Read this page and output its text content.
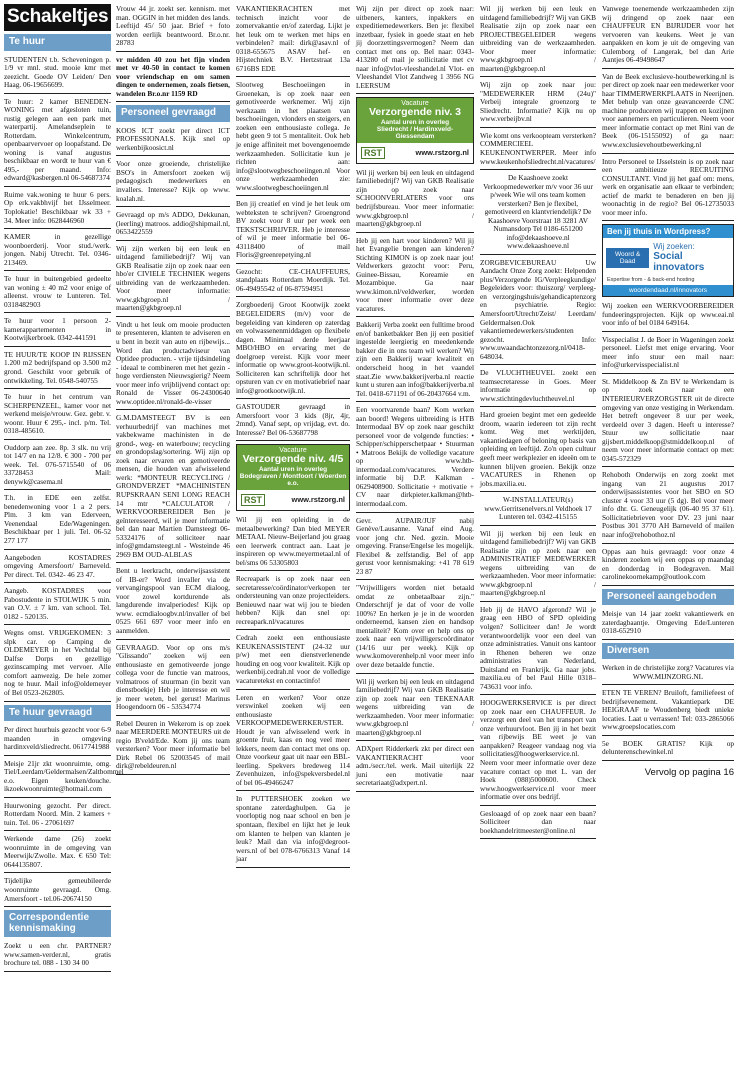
Schakeltjes
Te huur
STUDENTEN t.b. Scheveningen p. 1/9 vr mnl. stud. mooie kmr met zeezicht. Goede OV Leiden/ Den Haag. 06-19656699.
Te huur: 2 kamer BENEDEN-WONING met afgesloten tuin, rustig gelegen aan een park met waterpartij. Amelandseplein te Rotterdam. Winkelcentrum, openbaarvervoer op loopafstand. De woning is vanaf augustus beschikbaar en wordt te huur van € 495,- per maand. Info: edward@kasbergen.nl 06-54687374
Ruime vak.woning te huur 6 pers. Op erk.vakbhvijf het IJsselmeer. Toplokatie! Beschikbaar wk 33 + 34. Meer info: 0628446960
KAMER in gezellige woonboerderij. Voor stud./werk. jongen. Nabij Utrecht. Tel. 0346-213469.
Te huur in buitengebied gedeelte van woning ± 40 m2 voor enige of alleenst. vrouw te Lunteren. Tel. 0318482903
Te huur voor 1 persoon 2-kamerappartementen in Kootwijkerbroek. 0342-441591
TE HUUR/TE KOOP IN RIJSSEN 1.200 m2 bedrijfspand op 3.500 m2 grond. Geschikt voor gebruik of ontwikkeling. Tel. 0548-540755
Te huur in het centrum van SCHERPENZEEL, kamer voor net werkend meisje/vrouw. Gez. gebr. v. woonr. Huur € 295,- incl. p/m. Tel. 0318-485610.
Ouddorp aan zee. 8p. 3 slk. nu vrij tot 14/7 en na 12/8. € 300 - 700 per week. Tel. 076-5715540 of 06 33728453 Mail: denywk@casema.nl
T.h. in EDE een zelfst. benedenwoning voor 1 a 2 pers. Plm. 3 km van Ederveen, Veenendaal Ede/Wageningen. Beschikbaar per 1 juli. Tel. 06-52 277 177
Aangeboden KOSTADRES omgeving Amersfoort/ Barneveld. Per direct. Tel. 0342- 46 23 47.
Aangeb. KOSTADRES voor Pabostudente in STOLWIJK 5 min. van O.V. ± 7 km. van school. Tel. 0182 - 520135.
Wegns omst. VRIJGEKOMEN: 3 slpk car. op Camping de OLDEMEYER in het Vechtdal bij Dalfse Dorps en gezellige gezinscamping met vervoer. Alle comfort aanwezig. De hele zomer nog te huur. Mail info@oldemeyer of Bel 0523-262805.
Te huur gevraagd
Per direct huurhuis gezocht voor 6-9 maanden in omgeving hardinxveld/sliedrecht. 0617741988
Meisje 21jr zkt woonruimte, omg. Tiel/Leerdam/Geldermalsen/Zaltbommel e.o. Eigen keuken/douche. ikzoekwoonruimte@hotmail.com
Huurwoning gezocht. Per direct. Rotterdam Noord. Min. 2 kamers + tuin. Tel. 06 - 27061697
Werkende dame (26) zoekt woonruimte in de omgeving van Meerwijk/Zwolle. Max. € 650 Tel: 0644135807.
Tijdelijke gemeubileerde woonruimte gevraagd. Omg. Amersfoort - tel.06-20674150
Correspondentie kennismaking
Zoekt u een chr. PARTNER? www.samen-verder.nl, gratis brochure tel. 088 - 130 34 00
Vrouw 44 jr. zoekt ser. kennism. met man. OGGIN in het midden des lands. Leeftijd 45/ 50 jaar. Brief + foto worden eerlijk beantwoord. Br.o.nr. 28783
vr midden 40 zou het fijn vinden met vr 40-50 in contact te komen voor vriendschap en om samen dingen te ondernemen, zoals fietsen, wandelen Br.o.nr 1159 RD
Personeel gevraagd
KOOS ICT zoekt per direct ICT PROFESSIONALS. Kijk snel op werkenbijkoosict.nl
Voor onze groeiende, christelijke BSO's in Amersfoort zoeken wij pedagogisch medewerkers en invallers. Interesse? Kijk op www. koalah.nl.
Gevraagd op m/s ADDO, Dekkunan, (leerling) matroos. addio@shipmail.nl, 0653422559
Wij zijn werken bij een leuk en uitdagend familiebedrijf? Wij van GKB Realisatie zijn op zoek naar een hbo'er CIVIELE TECHNIEK wegens uitbreiding van de werkzaamheden. Voor meer informatie: www.gkbgroep.nl / maarten@gkbgroep.nl
Vindt u het leuk om mooie producten te presenteren, klanten te adviseren en u bent in bezit van auto en rijbewijs... Word dan productadviseur van Optidee producten. - vrije tijdsindeling - ideaal te combineren met het gezin - hoge verdiensten Nieuwsgierig? Neem voor meer info vrijblijvend contact op: Ronald de Visser 06-24300640 www.optidee.nl/ronald-de-visser
G.M.DAMSTEEGT BV is een verhuurbedrijf van machines met vakbekwame machinisten in de grond-, weg- en waterbouw; recycling en grondopslag/sortering. Wij zijn op zoek naar ervaren en gemotiveerde mensen, die houden van afwisselend werk: *MONTEUR RECYCLING / GRONDVERZET *MACHINISTEN RUPSKRAAN SENI LONG REACH 14 mtr *CALCULATOR / WERKVOORBEREIDER Ben je geïnteresseerd, wil je meer informatie bel dan naar Martien Damsteegt 06-53324176 of solliciteer naar info@gmdamsteegt.nl - Westeinde 46 2969 BM OUD-ALBLAS
Bent u leerkracht, onderwijsassistent of IB-er? Word invaller via de vervangingspool van ECM dialoog, voor zowel kortdurende als langdurende invalperiodes! Kijk op www. ecmdialoogbv.nl/invaller of bel 0525 661 697 voor meer info en aanmelden.
GEVRAAGD. Voor op ons m/s "Glissando" zoeken wij een enthousiaste en gemotiveerde jonge collega voor de functie van matroos, volmatroos of stuurman (in bezit van dienstboekje) Heb je interesse en wil je meer weten, bel gerust! Marinus Hoogendoorn 06 - 53534774
Rebel Deuren in Wekerom is op zoek naar MEERDERE MONTEURS uit de regio B'veld/Ede. Kom jij ons team versterken? Voor meer informatie bel Dirk Rebel 06 52003545 of mail dirk@rebeldeuren.nl
VAKANTIEKRACHTEN met technisch inzicht voor de zomervakantie en/of zaterdag. Lijkt je het leuk om te werken met hips en verbindelen? mail: dirk@asav.nl of 0318-655675 ASAV hef- en Hijstechniek B.V. Hertzstraat 13a 6716BS EDE
Slootweg Beschoeiingen in Groenekan, is op zoek naar een gemotiveerde werknemer. Wij zijn werkzaam in het plaatsen van beschoeiingen, vlonders en steigers, en zoeken een enthousiaste collega. Je hebt geen 9 tot 5 mentaliteit. Ook heb je enige affiniteit met bovengenoemde werkzaamheden. Sollicitatie kun je richten aan: info@slootwegbeschoeiingen.nl Voor onze werkzaamheden zie: www.slootwegbeschoeiingen.nl
Ben jij creatief en vind je het leuk om webteksten te schrijven? Groengrond BV zoekt voor 8 uur per week een TEKSTSCHRIJVER. Heb je interesse of wil je meer informatie bel 06-43118400 of mail Floris@greenrepetying.nl
Gezocht: CE-CHAUFFEURS, standplaats Rotterdam Moerdijk. Tel. 06-49495542 of 06-87594951
Zorgboederij Groot Kootwijk zoekt BEGELEIDERS (m/v) voor de begeleiding van kinderen op zaterdag en volwassenenmiddagen op flexibele dagen. Minimaal derde leerjaar MBO/HBO en ervaring met de doelgroep vereist. Kijk voor meer informatie op www.groot-kootwijk.nl. Solliciteren kan schriftelijk door het opsturen van cv en motivatiebrief naar info@grootkootwijk.nl.
GASTOUDER gevraagd in Amersfoort voor 3 kids (8jr, 4jr, 2mnd). Vanaf sept, op vrijdag, evt. do. Interesse? Bel 06-53687798
Vacature
Verzorgende niv. 4/5
Aantal uren in overleg
Bodegraven / Montfoort / Woerden e.o.
RST	www.rstzorg.nl
Wil jij een opleiding in de metaalbewerking? Dan bied MEYER METAAL Nieuw-Beijerland jou graag een leerwerk contract aan. Laat je inspireren op www.meyermetaal.nl of bel/sms 06 53305803
Recreapark is op zoek naar een secretaresse/coördinator/verkopen ter ondersteuning van onze projectleiders. Benieuwd naar wat wij jou te bieden hebben? Kijk dan snel op: recreapark.nl/vacatures
Cedrah zoekt een enthousiaste KEUKENASSISTENT (24-32 uur p/w) met een dienstverlenende houding en oog voor kwaliteit. Kijk op werkenbij.cedrah.nl voor de volledige vacaturetekst en contactinfo!
Leren en werken? Voor onze verswinkel zoeken wij een enthousiaste VERKOOPMEDEWERKER/STER. Houdt je van afwisselend werk in groente fruit, kaas en nog veel meer lekkers, neem dan contact met ons op. Onze voorkeur gaat uit naar een BBL-leerling. Spekvers bredeweg 114 Zevenhuizen, info@spekversbedel.nl of bel 06-49466247
In PUTTERSHOEK zoeken we spontane zaterdaghulpen. Ga je voorloptig nog naar school en ben je spontaan, flexibel en lijkt het je leuk om klanten te helpen van klanten je leuk? Mail dan via info@degroot-wers.nl of bel 078-6766313 Vanaf 14 jaar
Wij zijn per direct op zoek naar: uitbeners, kanters, inpakkers en expeditiemedewerkers. Ben je: flexibel inzetbaar, fysiek in goede staat en heb jij doorzettingsvermogen? Neem dan contact met ons op. Bel naar: 0343-413280 of mail je sollicitatie met cv naar info@vlot-vleeshandel.nl Vlot- en Vleeshandel Vlot Zandweg 1 3956 NG LEERSUM
Vacature
Verzorgende niv. 3
Aantal uren in overleg
Sliedrecht / Hardinxveld-Giessendam
RST	www.rstzorg.nl
Wil jij werken bij een leuk en uitdagend familiebedrijf? Wij van GKB Realisatie zijn op zoek naar SCHOONVERLATERS voor ons bedrijfsbureau. Voor meer informatie: www.gkbgroep.nl / maarten@gkbgroep.nl
Heb jij een hart voor kinderen? Wil jij het Evangelie brengen aan kinderen? Stichting KIMON is op zoek naar jou! Veldwerkers gezocht voor: Peru, Guinee-Bissau, Koreamie en Mozambique. Ga naar www.kimon.nl/veldwerker, worden voor meer informatie over deze vacatures.
Bakkerij Verba zoekt een fulltime brood en/of banketbakker Ben jij een positief ingestelde leergierig en meedenkende bakker die in ons team wil werken? Wij zijn een Bakkerij waar kwaliteit en onderscheid hoog in het vaandel staat.Zie www.bakkerijverba.nl reactie kunt u sturen aan info@bakkerijverba.nl Tel. 0418-671191 of 06-20437664 v.m.
Een voortvarende baan? Kom werken aan boord! Wegens uitbreiding is HTB Intermodaal BV op zoek naar geschikt personeel voor de volgende functies: • Schipper/schipperschetpaar • Stuurman • Matroos Bekijk de volledige vacature op www.htb-intermodaal.com/vacatures. Verdere informatie bij D.P. Kalkman - 0629408900. Sollicitatie + motivatie + CV naar dirkpieter.kalkman@htb-intermodaal.com.
Gevr. AUPAIR/JUF nabij Genève/Lausanne. Vanaf eind Aug. voor jong chr. Ned. gezin. Mooie omgeving. Franse/Engelse les mogelijk. Flexibel & zelfstandig. Bel of app gerust voor kennismaking: +41 78 619 23 87
"Vrijwilligers worden niet betaald omdat ze onbetaalbaar zijn." Onderschrijf je dat of voor de volle 100%? En herken je je in de woorden onderneemd, kansen zien en handsop mentaliteit? Kom over en help ons op zoek naar een vrijwilligerscoördinator (14/16 uur per week). Kijk op www.komoverenhelp.nl voor meer info over deze betaalde functie.
Wil jij werken bij een leuk en uitdagend familiebedrijf? Wij van GKB Realisatie zijn op zoek naar een TEKENAAR wegens uitbreiding van de werkzaamheden. Voor meer informatie: www.gkbgroep.nl / maarten@gkbgroep.nl
ADXpert Ridderkerk zkt per direct een VAKANTIEKRACHT voor adm./secr./tel. werk. Mail uiterlijk 22 juni een motivatie naar secretariaat@adxpert.nl.
Wil jij werken bij een leuk en uitdagend familiebedrijf? Wij van GKB Realisatie zijn op zoek naar een PROJECTBEGELEIDER wegens uitbreiding van de werkzaamheden. Voor meer informatie: www.gkbgroep.nl / maarten@gkbgroep.nl
Wij zijn op zoek naar jou: "MEDEWERKER HRM (24u)" Verbeij integrale groenzorg te Sliedrecht. Informatie? Kijk nu op www.verbeijbv.nl
Wie komt ons verkoopteam versterken? COMMERCIEEL KEUKENONTWERPER. Meer info www.keukenhofsliedrecht.nl/vacatures/
De Kaashoeve zoekt Verkoopmedewerker m/v voor 36 uur p/week Wie wil ons team komen versterken? Ben je flexibel, gemotiveerd en klantvriendelijk? De Kaashoeve Voorstraat 18 3281 AV Numansdorp Tel 0186-651200 info@dekaashoeve.nl www.dekaashoeve.nl
ZORGBEVICEBUREAU Uw Aandacht Onze Zorg zoekt: Helpenden plus/Verzorgende IG/Verpleegkundige/ Begeleiders voor: thuiszorg/ verpleeg- en verzorgingshuis/gehandicaptenzorg en psychiatrie. Regio: Amersfoort/Utrecht/Zeist/ Leerdam/ Geldermalsen.Ook vakantiemedewerkers/studenten gezocht. Info: www.uwaandachtonzezorg.nl/0418-648034.
De VLUCHTHEUVEL zoekt een teamsecretaresse in Goes. Meer informatie op www.stichtingdevluchtheuvel.nl
Hard groeien begint met een gedeelde droom, waarin iedereen tot zijn recht komt. Weg met werktijden, vakantiedagen of beloning op basis van opleiding en leeftijd. Zo'n open cultuur geeft meer werkplezier en ideeën om te kunnen blijven groeien. Bekijk onze VACATURES in Rhenen op jobs.maxilia.eu.
W-INSTALLATEUR(s) www.Gerritsenelvers.nl Veldhoek 17 Lunteren tel. 0342-415155
Wil jij werken bij een leuk en uitdagend familiebedrijf? Wij van GKB Realisatie zijn op zoek naar een ADMINISTRATIEF MEDEWERKER wegens uitbreiding van de werkzaamheden. Voor meer informatie: www.gkbgroep.nl / maarten@gkbgroep.nl
Heb jij de HAVO afgerond? Wil je graag een HBO of SPD opleiding volgen? Solliciteer dan! Je wordt verantwoordelijk voor een deel van onze administraties. Vanuit ons kantoor in Rhenen beheren we onze administraties van Nederland, Duitsland en Frankrijk. Ga naar jobs. maxilia.eu of bel Paul Hille 0318–743631 voor info.
HOOGWERKSERVICE is per direct op zoek naar een CHAUFFEUR. Je verzorgt een deel van het transport van onze verhuurvloot. Ben jij in het bezit van rijbewijs BE weet je van aanpakken? Reageer vandaag nog via sollicitaties@hoogwerkservice.nl. Neem voor meer informatie over deze vacature contact op met L. van der Hoek (088)5000600. Check www.hoogwerkservice.nl voor meer informatie over ons bedrijf.
Gesloaagd of op zoek naar een baan? Solliciteer dan naar boekhandelritmeester@online.nl
Vanwege toenemende werkzaamheden zijn wij dringend op zoek naar een CHAUFFEUR EN BIJRIJDER voor het vervoeren van keukens. Weet je van aanpakken en kom je uit de omgeving van Culemborg of Langerak, bel dan Arie Aantjes 06-49498647
Van de Beek exclusieve-houtbewerking.nl is per direct op zoek naar een medewerker voor haar TIMMERWERKPLAATS in Neerijnen. Met behulp van onze geavanceerde CNC machine produceren wij trappen en kozijnen voor aannemers en particulieren. Neem voor meer informatie contact op met Rini van de Beek (06-15155092) of ga naar: www.exclusievehoutbewerking.nl
Intro Personeel te IJsselstein is op zoek naar een ambitieuze RECRUITING CONSULTANT. Vind jij het gaaf om: mens, werk en organisatie aan elkaar te verbinden; actief de markt te benaderen en ben jij woonachtig in de regio? Bel 06-12735033 voor meer info.
Ben jij thuis in Wordpress?
Woord & Daad
Wij zoeken:
Social innovators
Expertise from - & back-end hosting
woordendaad.nl/innovators
Wij zoeken een WERKVOORBEREIDER fundeeringsprojecten. Kijk op www.eai.nl voor info of bel 0184 649164.
Visspecialist J. de Boer in Wageningen zoekt personeel. Liefst met enige ervaring. Voor meer info stuur een mail naar: info@urkervisspecialist.nl
St. Middelkoop & Zn BV te Werkendam is op zoek naar een INTERIEURVERZORGSTER uit de directe omgeving van onze vestiging in Werkendam. Het betreft ongeveer 8 uur per week, verdeeld over 3 dagen. Heeft u interesse? Stuur uw sollicitatie naar gijsbert.middelkoop@stmiddelkoop.nl of neem voor meer informatie contact op met: 0345-572329
Rehoboth Onderwijs en zorg zoekt met ingang van 21 augustus 2017 onderwijsassistentes voor het SBO en SO cluster 4 voor 33 uur (5 dg). Bel voor meer info dhr. G. Geneugelijk (06-40 95 37 61). Sollicitatiebrieven voor DV. 23 juni naar Postbus 301 3770 AH Barneveld of mailen naar info@rehobothoz.nl
Oppas aan huis gevraagd: voor onze 4 kinderen zoeken wij een oppas op maandag en donderdag in Bodegraven. Mail carolinekoornekamp@outlook.com
Personeel aangeboden
Meisje van 14 jaar zoekt vakantiewerk en zaterdagbaantje. Omgeving Ede/Lunteren 0318-652910
Diversen
Werken in de christelijke zorg? Vacatures via WWW.MIJNZORG.NL
ETEN TE VEREN? Bruiloft, familiefeest of bedrijfsevenement. Vakantiepark DE HEIGRAAF te Woudenberg biedt unieke locaties. Laat u verrassen! Tel: 033-2865066 www.groepslocaties.com
5e BOEK GRATIS? Kijk op delunterenschewinkel.nl
Vervolg op pagina 16
